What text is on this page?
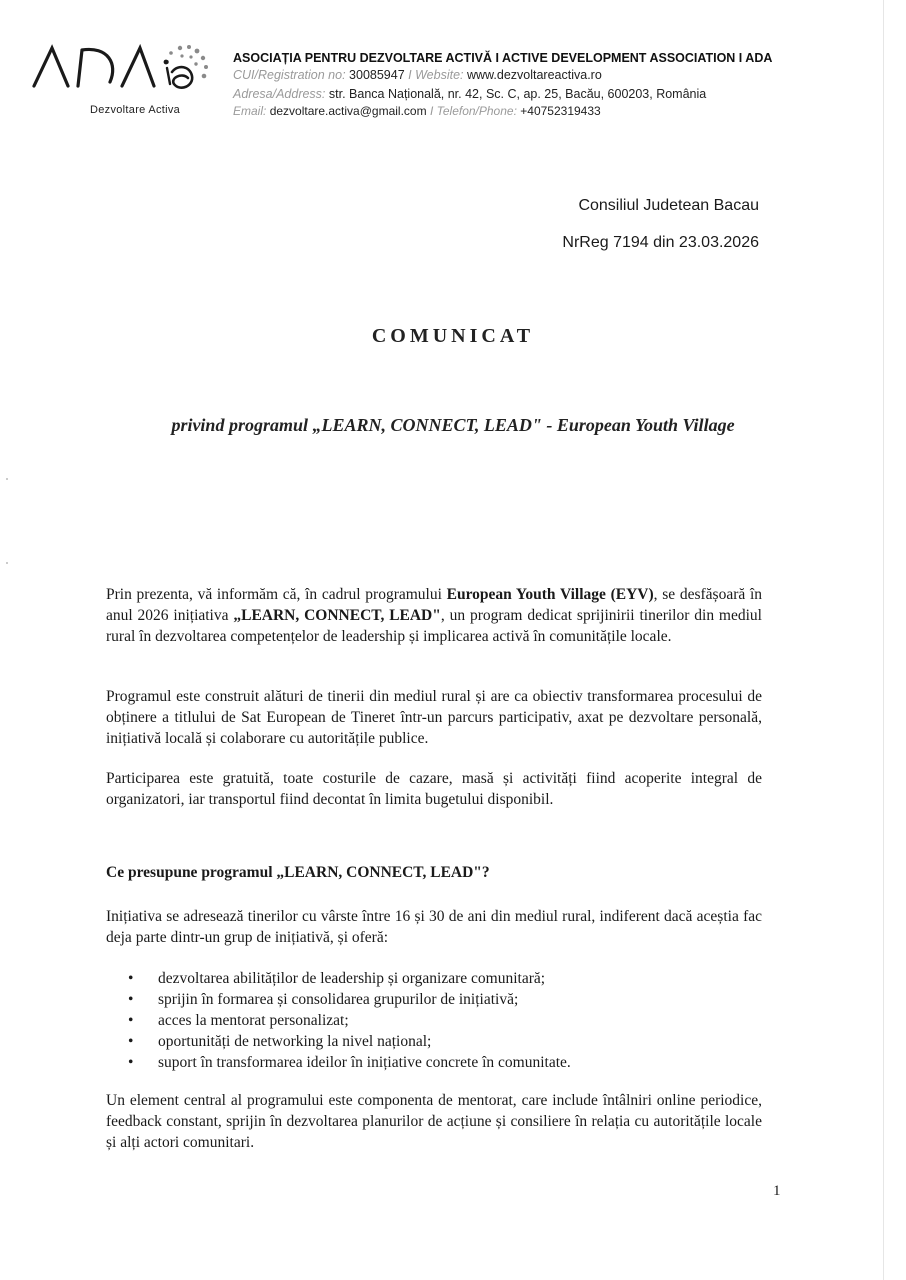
Dezvoltare Activa
ASOCIAȚIA PENTRU DEZVOLTARE ACTIVĂ I ACTIVE DEVELOPMENT ASSOCIATION I ADA
CUI/Registration no: 30085947 I Website: www.dezvoltareactiva.ro
Adresa/Address: str. Banca Națională, nr. 42, Sc. C, ap. 25, Bacău, 600203, România
Email: dezvoltare.activa@gmail.com I Telefon/Phone: +40752319433
Consiliul Judetean Bacau
NrReg 7194 din 23.03.2026
COMUNICAT
privind programul „LEARN, CONNECT, LEAD" - European Youth Village
Prin prezenta, vă informăm că, în cadrul programului European Youth Village (EYV), se desfășoară în anul 2026 inițiativa „LEARN, CONNECT, LEAD", un program dedicat sprijinirii tinerilor din mediul rural în dezvoltarea competențelor de leadership și implicarea activă în comunitățile locale.
Programul este construit alături de tinerii din mediul rural și are ca obiectiv transformarea procesului de obținere a titlului de Sat European de Tineret într-un parcurs participativ, axat pe dezvoltare personală, inițiativă locală și colaborare cu autoritățile publice.
Participarea este gratuită, toate costurile de cazare, masă și activități fiind acoperite integral de organizatori, iar transportul fiind decontat în limita bugetului disponibil.
Ce presupune programul „LEARN, CONNECT, LEAD"?
Inițiativa se adresează tinerilor cu vârste între 16 și 30 de ani din mediul rural, indiferent dacă aceștia fac deja parte dintr-un grup de inițiativă, și oferă:
• dezvoltarea abilităților de leadership și organizare comunitară;
• sprijin în formarea și consolidarea grupurilor de inițiativă;
• acces la mentorat personalizat;
• oportunități de networking la nivel național;
• suport în transformarea ideilor în inițiative concrete în comunitate.
Un element central al programului este componenta de mentorat, care include întâlniri online periodice, feedback constant, sprijin în dezvoltarea planurilor de acțiune și consiliere în relația cu autoritățile locale și alți actori comunitari.
1
